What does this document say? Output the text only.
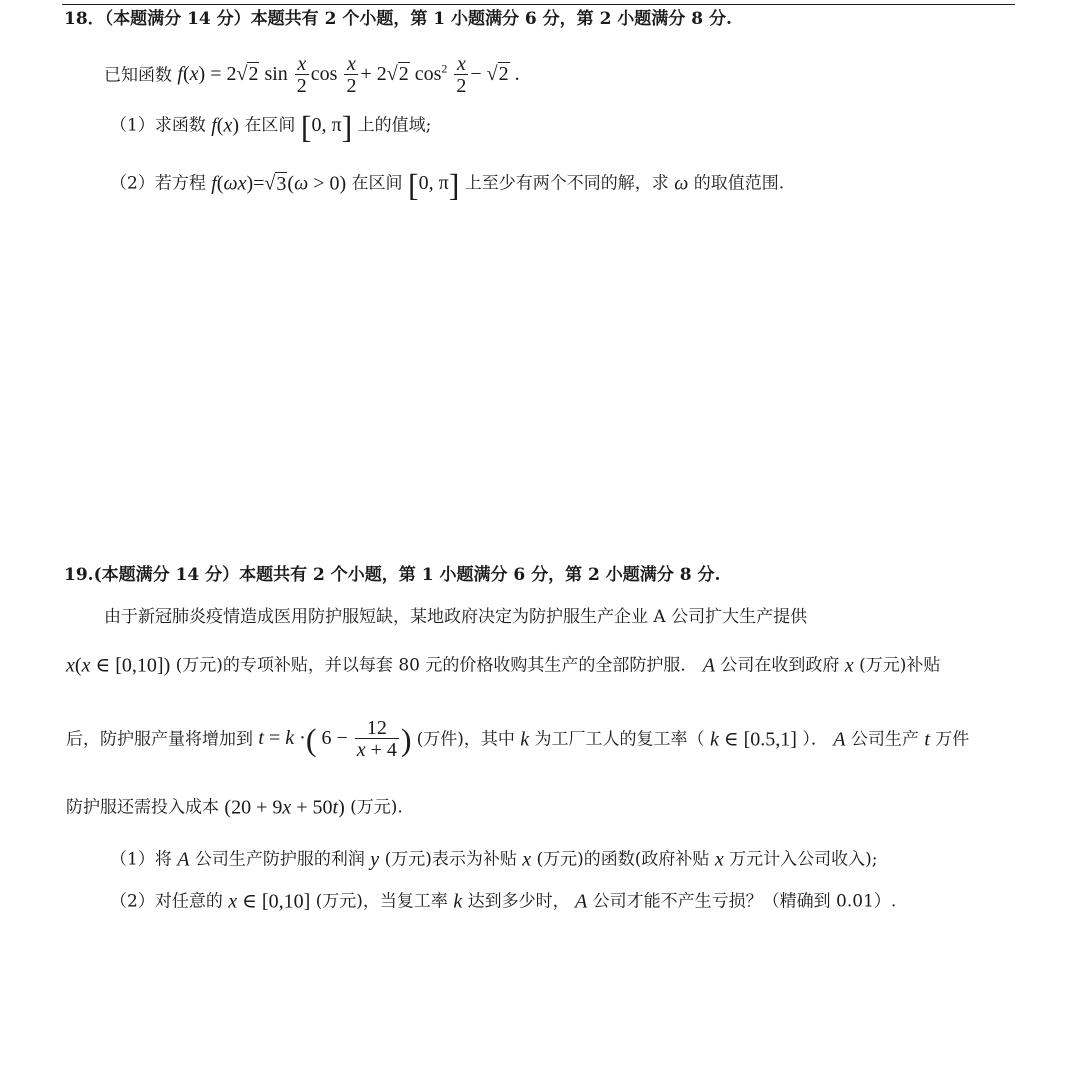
18．（本题满分 14 分）本题共有 2 个小题，第 1 小题满分 6 分，第 2 小题满分 8 分.
已知函数 f(x) = 2√2 $\sin \frac{x}{2}$ $\cos \frac{x}{2} + 2√2$ $\cos^2 \frac{x}{2} - √2$ .
（1）求函数 f(x) 在区间 [0, π] 上的值域;
（2）若方程 f(ωx)=√3(ω > 0) 在区间 [0, π] 上至少有两个不同的解，求 ω 的取值范围.
19.(本题满分 14 分）本题共有 2 个小题，第 1 小题满分 6 分，第 2 小题满分 8 分.
由于新冠肺炎疫情造成医用防护服短缺，某地政府决定为防护服生产企业 A 公司扩大生产提供
x(x ∈ [0,10]) (万元)的专项补贴，并以每套 80 元的价格收购其生产的全部防护服． A 公司在收到政府 x (万元)补贴
后，防护服产量将增加到 t = k ·( $6 - \frac{12}{x + 4}$ ) (万件)，其中 k 为工厂工人的复工率（ k ∈ [0.5,1] ）． A 公司生产 t 万件
防护服还需投入成本 (20 + 9x + 50t) (万元).
（1）将 A 公司生产防护服的利润 y (万元)表示为补贴 x (万元)的函数(政府补贴 x 万元计入公司收入);
（2）对任意的 x ∈ [0,10] (万元)，当复工率 k 达到多少时， A 公司才能不产生亏损？（精确到 0.01）.
